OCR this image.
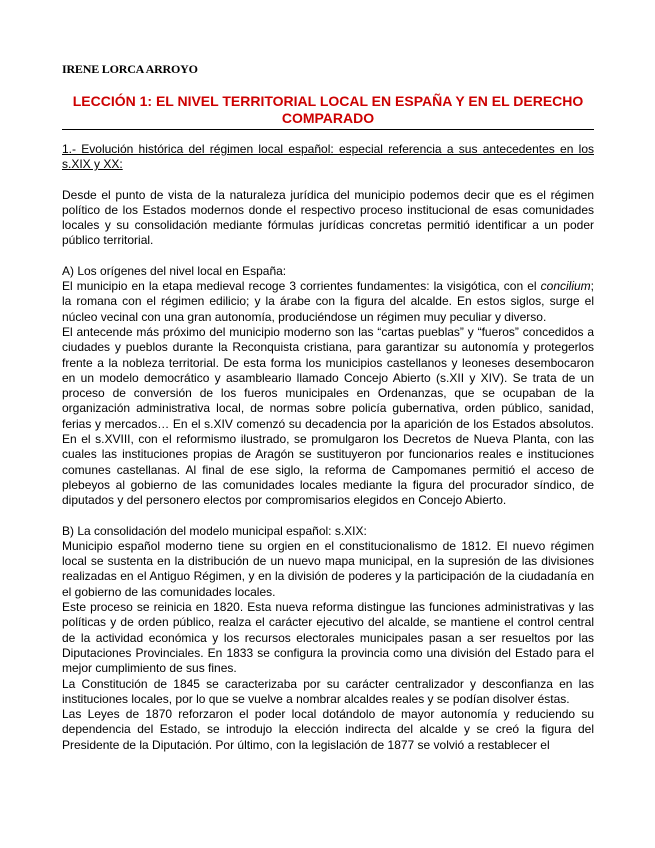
IRENE LORCA ARROYO
LECCIÓN 1: EL NIVEL TERRITORIAL LOCAL EN ESPAÑA Y EN EL DERECHO COMPARADO

1.- Evolución histórica del régimen local español: especial referencia a sus antecedentes en los s.XIX y XX:

Desde el punto de vista de la naturaleza jurídica del municipio podemos decir que es el régimen político de los Estados modernos donde el respectivo proceso institucional de esas comunidades locales y su consolidación mediante fórmulas jurídicas concretas permitió identificar a un poder público territorial.

A) Los orígenes del nivel local en España:

El municipio en la etapa medieval recoge 3 corrientes fundamentes: la visigótica, con el concilium; la romana con el régimen edilicio; y la árabe con la figura del alcalde. En estos siglos, surge el núcleo vecinal con una gran autonomía, produciéndose un régimen muy peculiar y diverso.

El antecende más próximo del municipio moderno son las “cartas pueblas” y “fueros” concedidos a ciudades y pueblos durante la Reconquista cristiana, para garantizar su autonomía y protegerlos frente a la nobleza territorial. De esta forma los municipios castellanos y leoneses desembocaron en un modelo democrático y asambleario llamado Concejo Abierto (s.XII y XIV). Se trata de un proceso de conversión de los fueros municipales en Ordenanzas, que se ocupaban de la organización administrativa local, de normas sobre policía gubernativa, orden público, sanidad, ferias y mercados… En el s.XIV comenzó su decadencia por la aparición de los Estados absolutos. En el s.XVIII, con el reformismo ilustrado, se promulgaron los Decretos de Nueva Planta, con las cuales las instituciones propias de Aragón se sustituyeron por funcionarios reales e instituciones comunes castellanas. Al final de ese siglo, la reforma de Campomanes permitió el acceso de plebeyos al gobierno de las comunidades locales mediante la figura del procurador síndico, de diputados y del personero electos por compromisarios elegidos en Concejo Abierto.

B) La consolidación del modelo municipal español: s.XIX:

Municipio español moderno tiene su orgien en el constitucionalismo de 1812. El nuevo régimen local se sustenta en la distribución de un nuevo mapa municipal, en la supresión de las divisiones realizadas en el Antiguo Régimen, y en la división de poderes y la participación de la ciudadanía en el gobierno de las comunidades locales.

Este proceso se reinicia en 1820. Esta nueva reforma distingue las funciones administrativas y las políticas y de orden público, realza el carácter ejecutivo del alcalde, se mantiene el control central de la actividad económica y los recursos electorales municipales pasan a ser resueltos por las Diputaciones Provinciales. En 1833 se configura la provincia como una división del Estado para el mejor cumplimiento de sus fines.

La Constitución de 1845 se caracterizaba por su carácter centralizador y desconfianza en las instituciones locales, por lo que se vuelve a nombrar alcaldes reales y se podían disolver éstas.

Las Leyes de 1870 reforzaron el poder local dotándolo de mayor autonomía y reduciendo su dependencia del Estado, se introdujo la elección indirecta del alcalde y se creó la figura del Presidente de la Diputación. Por último, con la legislación de 1877 se volvió a restablecer el
